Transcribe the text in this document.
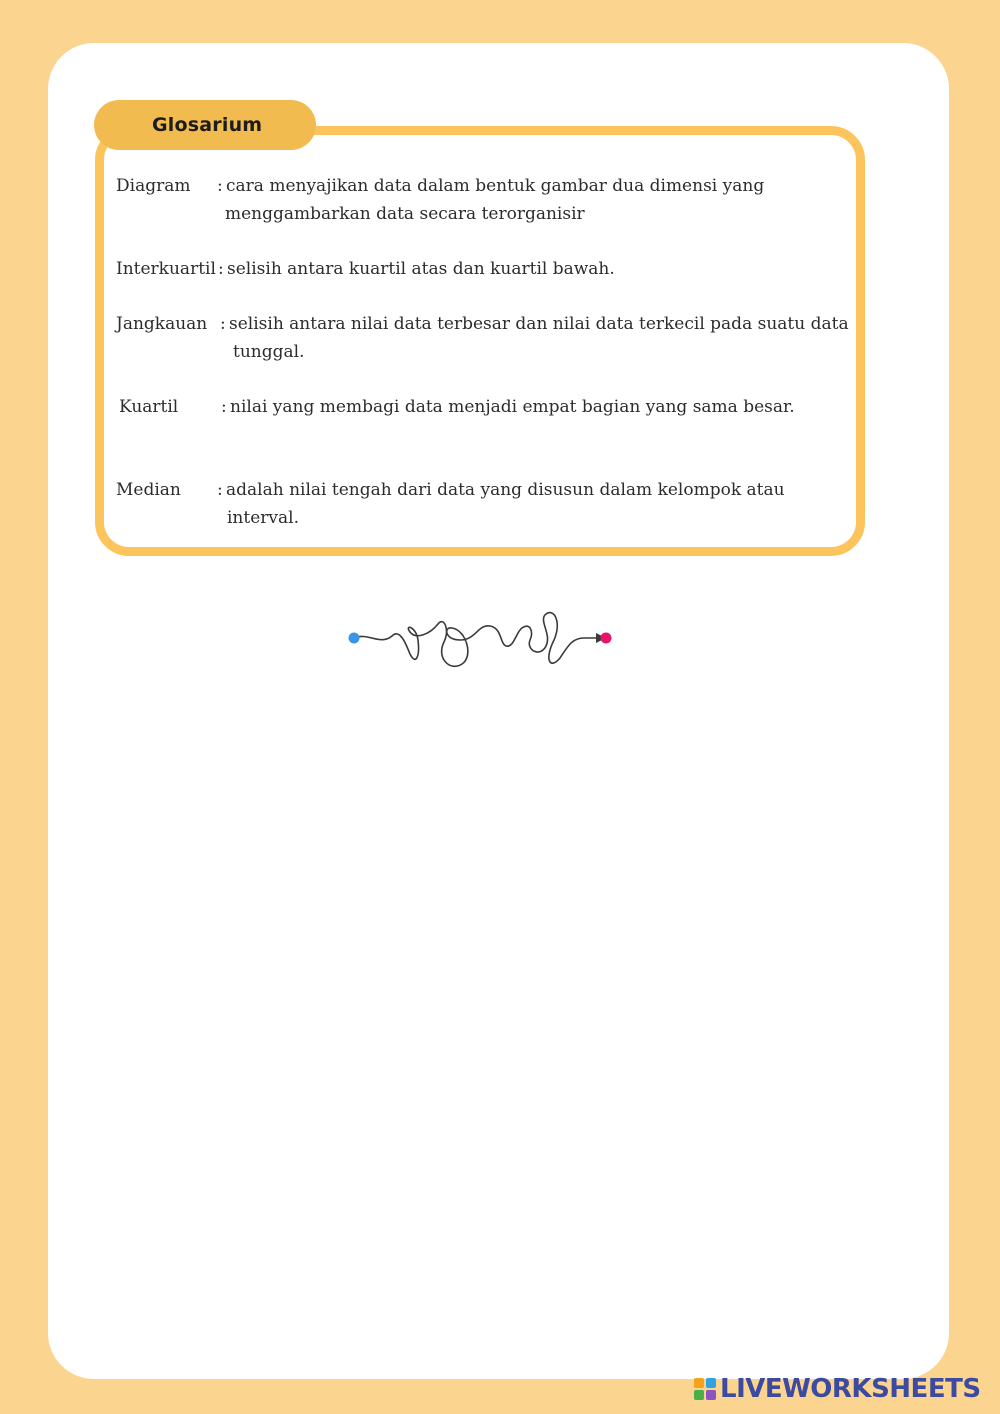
Glosarium
Diagram : cara menyajikan data dalam bentuk gambar dua dimensi yang
menggambarkan data secara terorganisir
Interkuartil : selisih antara kuartil atas dan kuartil bawah.
Jangkauan : selisih antara nilai data terbesar dan nilai data terkecil pada suatu data
tunggal.
Kuartil	: nilai yang membagi data menjadi empat bagian yang sama besar.
Median : adalah nilai tengah dari data yang disusun dalam kelompok atau
interval.
LIVEWORKSHEETS
